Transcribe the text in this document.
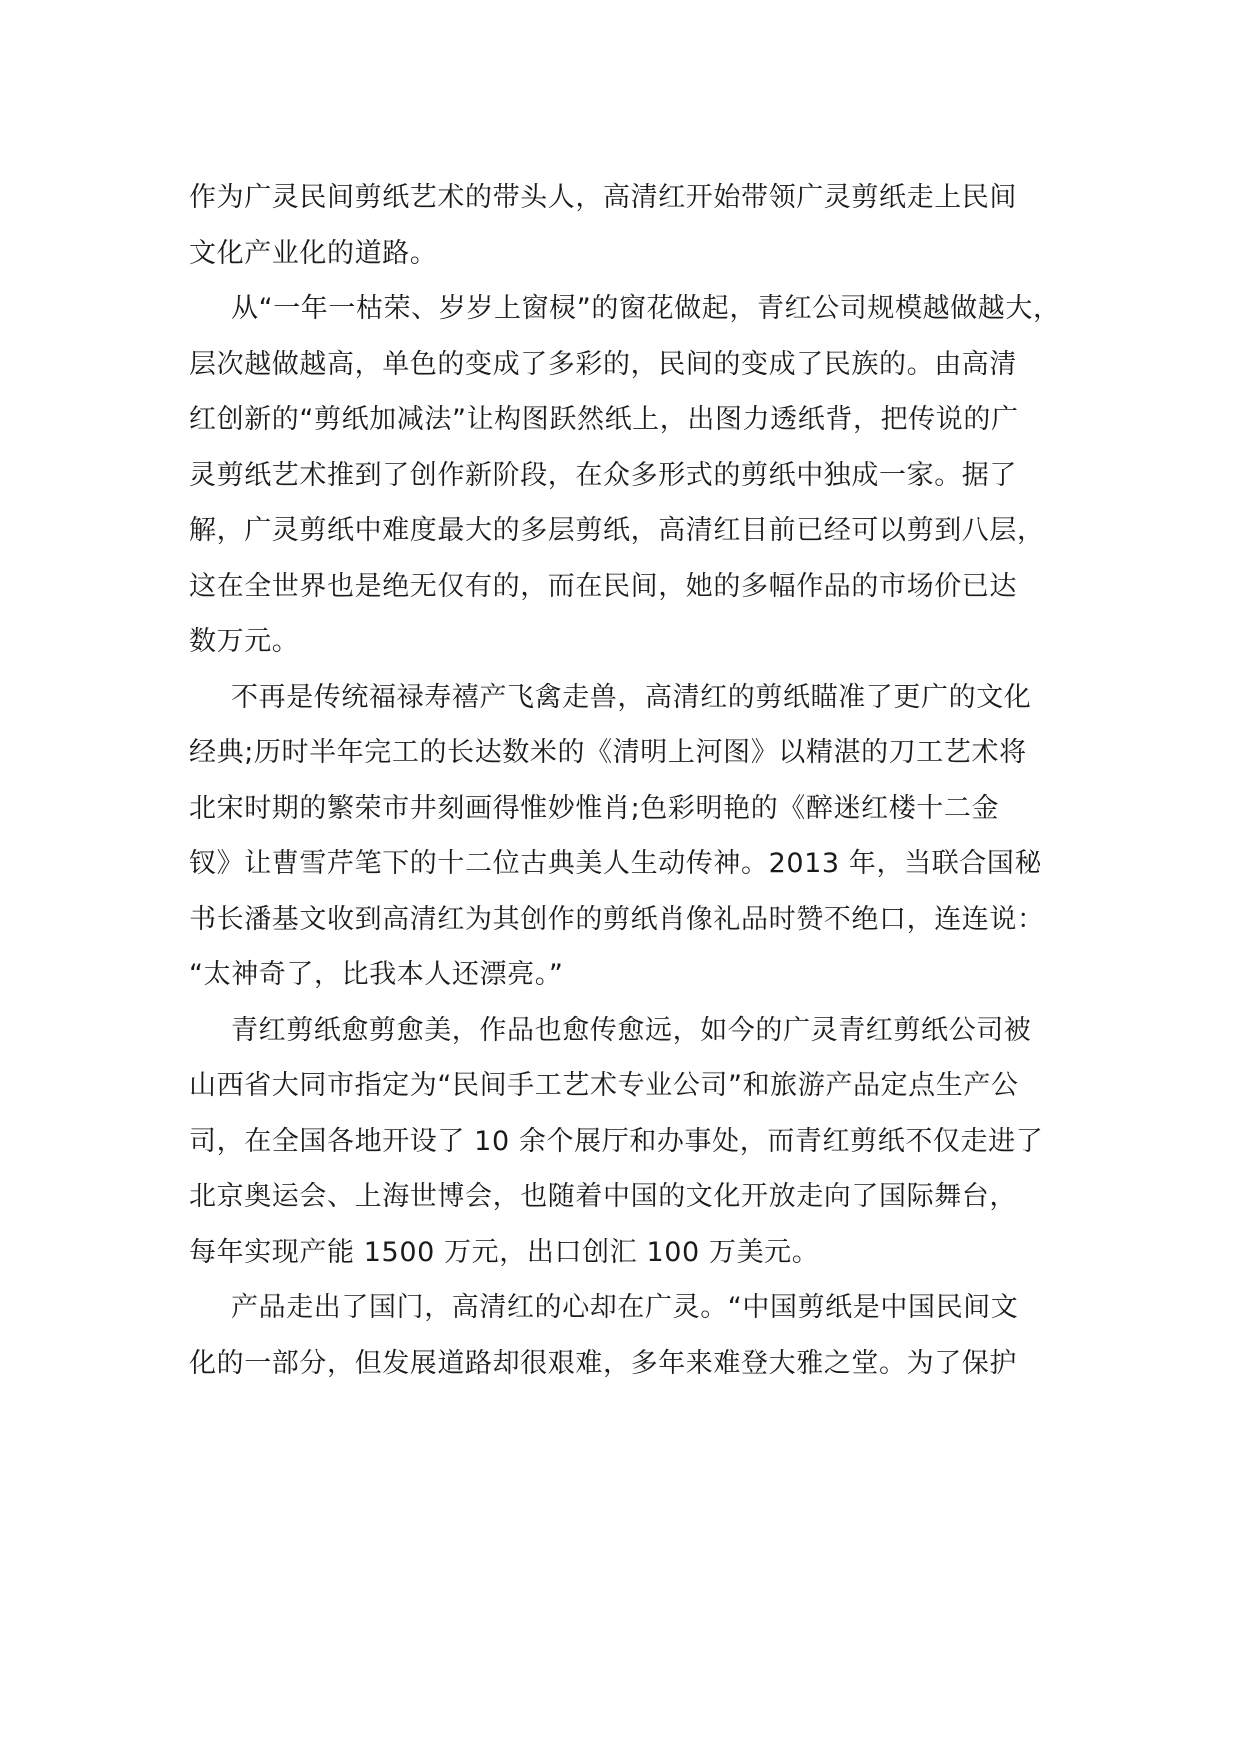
作为广灵民间剪纸艺术的带头人，高清红开始带领广灵剪纸走上民间
文化产业化的道路。
从“一年一枯荣、岁岁上窗棂”的窗花做起，青红公司规模越做越大，
层次越做越高，单色的变成了多彩的，民间的变成了民族的。由高清
红创新的“剪纸加减法”让构图跃然纸上，出图力透纸背，把传说的广
灵剪纸艺术推到了创作新阶段，在众多形式的剪纸中独成一家。据了
解，广灵剪纸中难度最大的多层剪纸，高清红目前已经可以剪到八层，
这在全世界也是绝无仅有的，而在民间，她的多幅作品的市场价已达
数万元。
不再是传统福禄寿禧产飞禽走兽，高清红的剪纸瞄准了更广的文化
经典;历时半年完工的长达数米的《清明上河图》以精湛的刀工艺术将
北宋时期的繁荣市井刻画得惟妙惟肖;色彩明艳的《醉迷红楼十二金
钗》让曹雪芹笔下的十二位古典美人生动传神。2013 年，当联合国秘
书长潘基文收到高清红为其创作的剪纸肖像礼品时赞不绝口，连连说：
“太神奇了，比我本人还漂亮。”
青红剪纸愈剪愈美，作品也愈传愈远，如今的广灵青红剪纸公司被
山西省大同市指定为“民间手工艺术专业公司”和旅游产品定点生产公
司，在全国各地开设了 10 余个展厅和办事处，而青红剪纸不仅走进了
北京奥运会、上海世博会，也随着中国的文化开放走向了国际舞台，
每年实现产能 1500 万元，出口创汇 100 万美元。
产品走出了国门，高清红的心却在广灵。“中国剪纸是中国民间文
化的一部分，但发展道路却很艰难，多年来难登大雅之堂。为了保护
